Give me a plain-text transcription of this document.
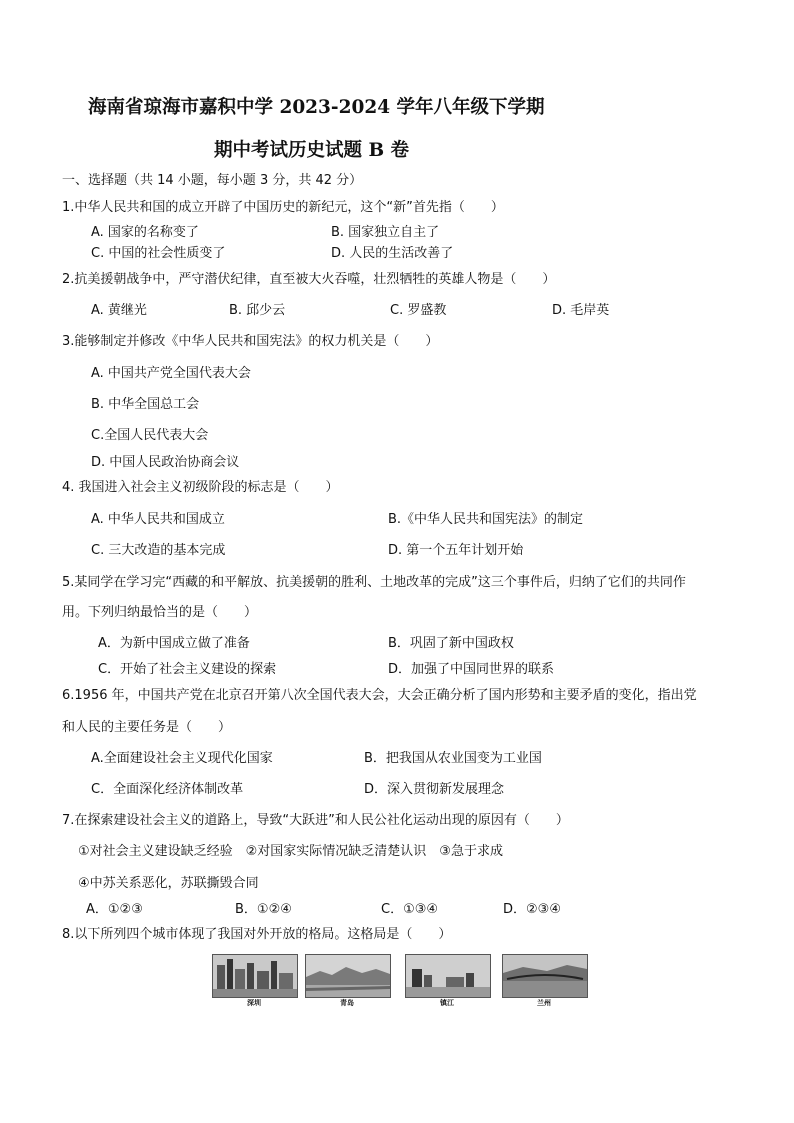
海南省琼海市嘉积中学 2023-2024 学年八年级下学期
期中考试历史试题 B 卷
一、选择题（共 14 小题，每小题 3 分，共 42 分）
1.中华人民共和国的成立开辟了中国历史的新纪元，这个“新”首先指（　　）
A. 国家的名称变了	B. 国家独立自主了
C. 中国的社会性质变了	D. 人民的生活改善了
2.抗美援朝战争中，严守潜伏纪律，直至被大火吞噬，壮烈牺牲的英雄人物是（　　）
A. 黄继光	B. 邱少云	C. 罗盛教	D. 毛岸英
3.能够制定并修改《中华人民共和国宪法》的权力机关是（　　）
A. 中国共产党全国代表大会
B. 中华全国总工会
C.全国人民代表大会
D. 中国人民政治协商会议
4. 我国进入社会主义初级阶段的标志是（　　）
A. 中华人民共和国成立	B.《中华人民共和国宪法》的制定
C. 三大改造的基本完成	D. 第一个五年计划开始
5.某同学在学习完“西藏的和平解放、抗美援朝的胜利、土地改革的完成”这三个事件后，归纳了它们的共同作
用。下列归纳最恰当的是（　　）
A．为新中国成立做了准备	B．巩固了新中国政权
C．开始了社会主义建设的探索	D．加强了中国同世界的联系
6.1956 年，中国共产党在北京召开第八次全国代表大会，大会正确分析了国内形势和主要矛盾的变化，指出党
和人民的主要任务是（　　）
A.全面建设社会主义现代化国家	B．把我国从农业国变为工业国
C．全面深化经济体制改革	D．深入贯彻新发展理念
7.在探索建设社会主义的道路上，导致“大跃进”和人民公社化运动出现的原因有（　　）
①对社会主义建设缺乏经验　②对国家实际情况缺乏清楚认识　③急于求成
④中苏关系恶化，苏联撕毁合同
A．①②③	B．①②④	C．①③④	D．②③④
8.以下所列四个城市体现了我国对外开放的格局。这格局是（　　）
深圳	青岛	镇江	兰州
